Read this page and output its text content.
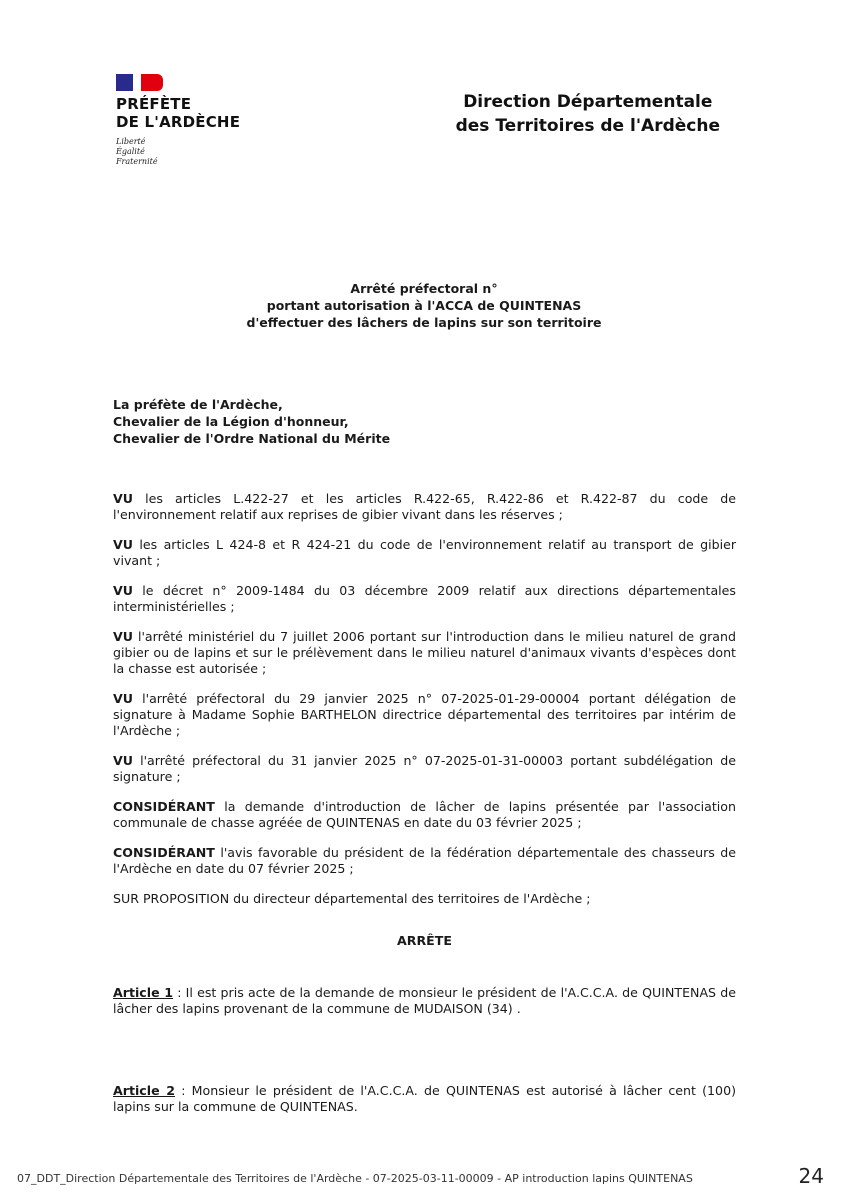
PRÉFÈTE
DE L'ARDÈCHE
Liberté
Égalité
Fraternité
Direction Départementale
des Territoires de l'Ardèche
Arrêté préfectoral n°
portant autorisation à l'ACCA de QUINTENAS
d'effectuer des lâchers de lapins sur son territoire
La préfète de l'Ardèche,
Chevalier de la Légion d'honneur,
Chevalier de l'Ordre National du Mérite

VU les articles L.422-27 et les articles R.422-65, R.422-86 et R.422-87 du code de l'environnement relatif aux reprises de gibier vivant dans les réserves ;

VU les articles L 424-8 et R 424-21 du code de l'environnement relatif au transport de gibier vivant ;

VU le décret n° 2009-1484 du 03 décembre 2009 relatif aux directions départementales interministérielles ;

VU l'arrêté ministériel du 7 juillet 2006 portant sur l'introduction dans le milieu naturel de grand gibier ou de lapins et sur le prélèvement dans le milieu naturel d'animaux vivants d'espèces dont la chasse est autorisée ;

VU l'arrêté préfectoral du 29 janvier 2025 n° 07-2025-01-29-00004 portant délégation de signature à Madame Sophie BARTHELON directrice départemental des territoires par intérim de l'Ardèche ;

VU l'arrêté préfectoral du 31 janvier 2025 n° 07-2025-01-31-00003 portant subdélégation de signature ;

CONSIDÉRANT la demande d'introduction de lâcher de lapins présentée par l'association communale de chasse agréée de QUINTENAS en date du 03 février 2025 ;

CONSIDÉRANT l'avis favorable du président de la fédération départementale des chasseurs de l'Ardèche en date du 07 février 2025 ;

SUR PROPOSITION du directeur départemental des territoires de l'Ardèche ;

ARRÊTE

Article 1 : Il est pris acte de la demande de monsieur le président de l'A.C.C.A. de QUINTENAS de lâcher des lapins provenant de la commune de MUDAISON (34) .

Article 2 : Monsieur le président de l'A.C.C.A. de QUINTENAS est autorisé à lâcher cent (100) lapins sur la commune de QUINTENAS.

07_DDT_Direction Départementale des Territoires de l'Ardèche - 07-2025-03-11-00009 - AP introduction lapins QUINTENAS	24
